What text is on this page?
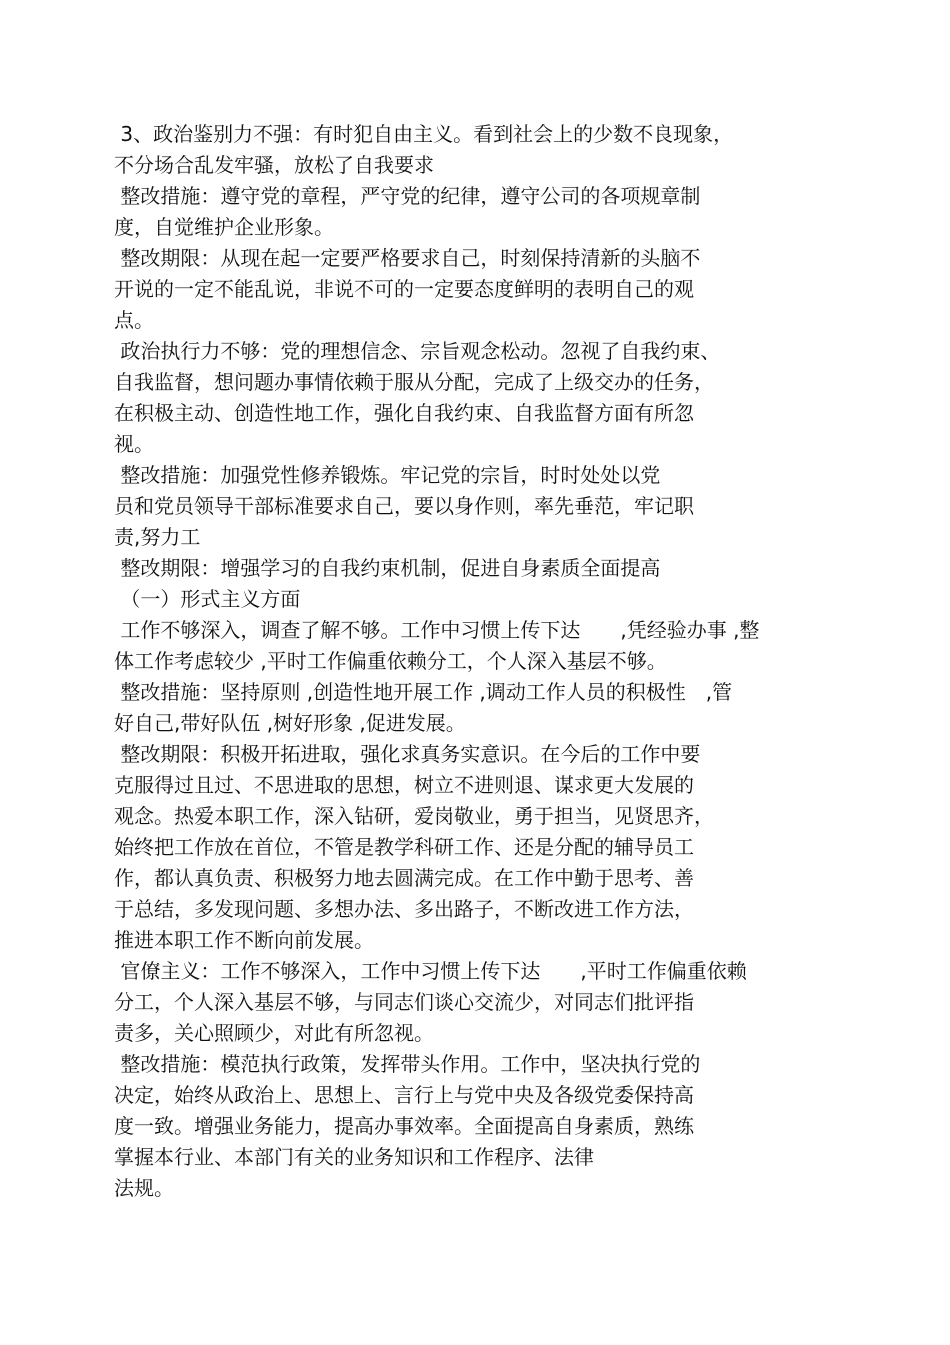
3、政治鉴别力不强：有时犯自由主义。看到社会上的少数不良现象，
不分场合乱发牢骚，放松了自我要求
整改措施：遵守党的章程，严守党的纪律，遵守公司的各项规章制
度，自觉维护企业形象。
整改期限：从现在起一定要严格要求自己，时刻保持清新的头脑不
开说的一定不能乱说，非说不可的一定要态度鲜明的表明自己的观
点。
政治执行力不够：党的理想信念、宗旨观念松动。忽视了自我约束、
自我监督，想问题办事情依赖于服从分配，完成了上级交办的任务，
在积极主动、创造性地工作，强化自我约束、自我监督方面有所忽
视。
整改措施：加强党性修养锻炼。牢记党的宗旨，时时处处以党
员和党员领导干部标准要求自己，要以身作则，率先垂范，牢记职
责,努力工
整改期限：增强学习的自我约束机制，促进自身素质全面提高
（一）形式主义方面
工作不够深入，调查了解不够。工作中习惯上传下达　　,凭经验办事 ,整
体工作考虑较少 ,平时工作偏重依赖分工，个人深入基层不够。
整改措施：坚持原则 ,创造性地开展工作 ,调动工作人员的积极性　,管
好自己,带好队伍 ,树好形象 ,促进发展。
整改期限：积极开拓进取，强化求真务实意识。在今后的工作中要
克服得过且过、不思进取的思想，树立不进则退、谋求更大发展的
观念。热爱本职工作，深入钻研，爱岗敬业，勇于担当，见贤思齐，
始终把工作放在首位，不管是教学科研工作、还是分配的辅导员工
作，都认真负责、积极努力地去圆满完成。在工作中勤于思考、善
于总结，多发现问题、多想办法、多出路子，不断改进工作方法，
推进本职工作不断向前发展。
官僚主义：工作不够深入，工作中习惯上传下达　　,平时工作偏重依赖
分工，个人深入基层不够，与同志们谈心交流少，对同志们批评指
责多，关心照顾少，对此有所忽视。
整改措施：模范执行政策，发挥带头作用。工作中，坚决执行党的
决定，始终从政治上、思想上、言行上与党中央及各级党委保持高
度一致。增强业务能力，提高办事效率。全面提高自身素质，熟练
掌握本行业、本部门有关的业务知识和工作程序、法律
法规。
